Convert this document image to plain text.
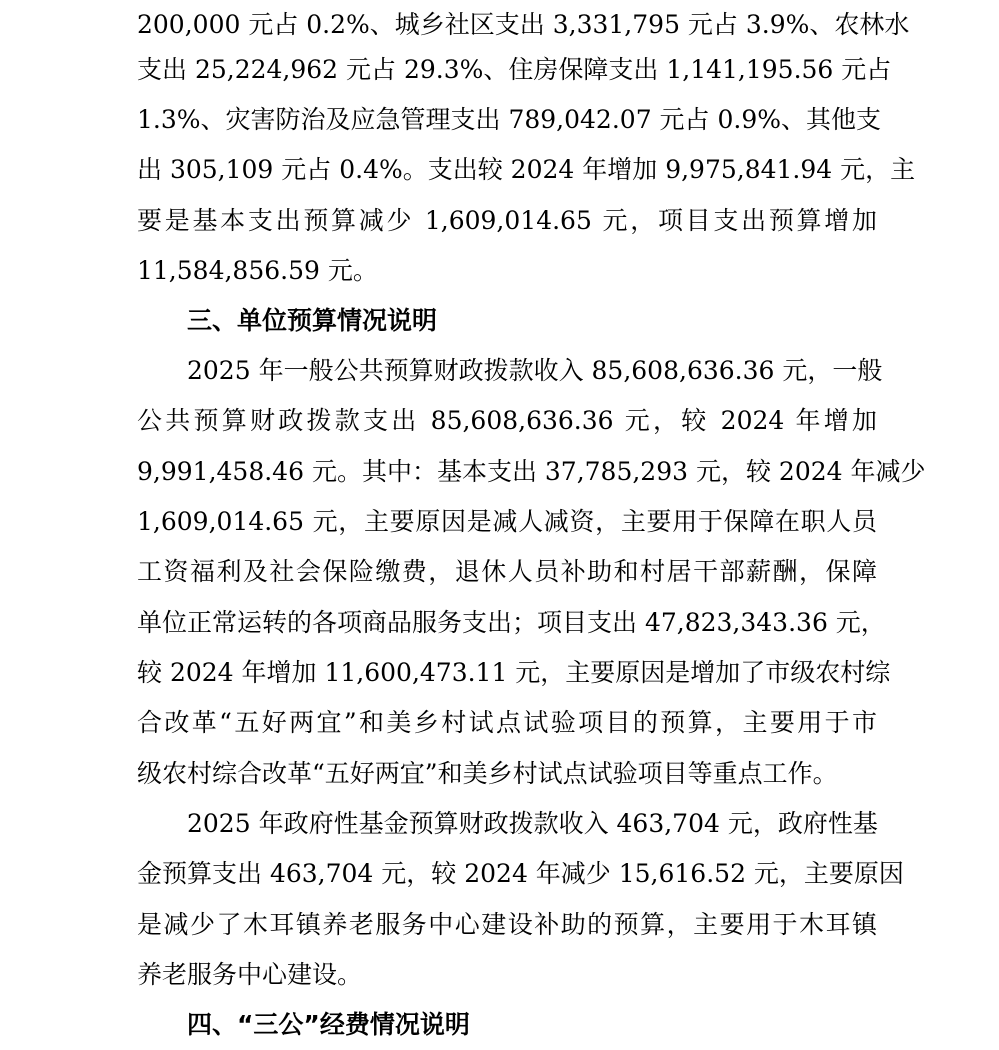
200,000 元占 0.2%、城乡社区支出 3,331,795 元占 3.9%、农林水
支出 25,224,962 元占 29.3%、住房保障支出 1,141,195.56 元占
1.3%、灾害防治及应急管理支出 789,042.07 元占 0.9%、其他支
出 305,109 元占 0.4%。支出较 2024 年增加 9,975,841.94 元，主
要是基本支出预算减少 1,609,014.65 元，项目支出预算增加
11,584,856.59 元。
三、单位预算情况说明
2025 年一般公共预算财政拨款收入 85,608,636.36 元，一般
公共预算财政拨款支出 85,608,636.36 元，较 2024 年增加
9,991,458.46 元。其中：基本支出 37,785,293 元，较 2024 年减少
1,609,014.65 元，主要原因是减人减资，主要用于保障在职人员
工资福利及社会保险缴费，退休人员补助和村居干部薪酬，保障
单位正常运转的各项商品服务支出；项目支出 47,823,343.36 元，
较 2024 年增加 11,600,473.11 元，主要原因是增加了市级农村综
合改革“五好两宜”和美乡村试点试验项目的预算，主要用于市
级农村综合改革“五好两宜”和美乡村试点试验项目等重点工作。
2025 年政府性基金预算财政拨款收入 463,704 元，政府性基
金预算支出 463,704 元，较 2024 年减少 15,616.52 元，主要原因
是减少了木耳镇养老服务中心建设补助的预算，主要用于木耳镇
养老服务中心建设。
四、“三公”经费情况说明
